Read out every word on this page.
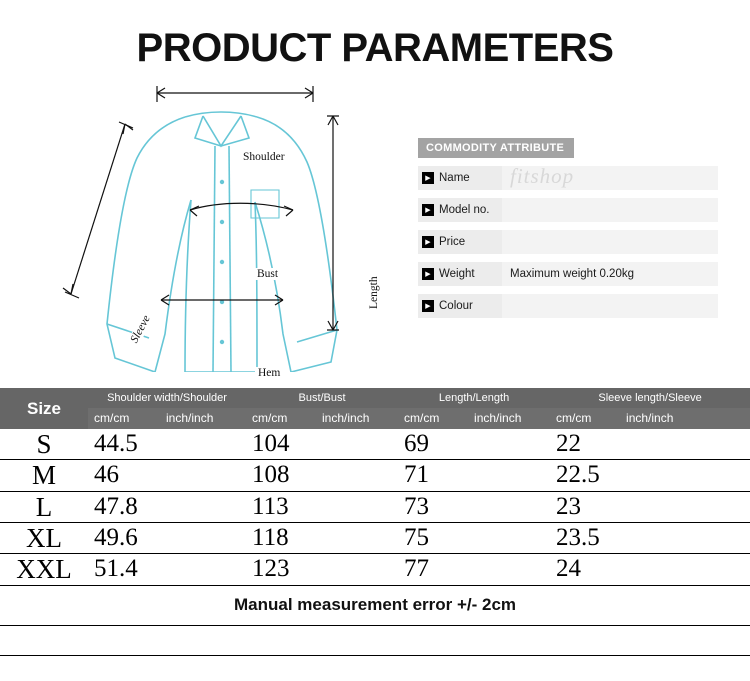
PRODUCT PARAMETERS
Shoulder
Bust
Hem
Length
Sleeve
COMMODITY ATTRIBUTE
▶ Name fitshop
▶ Model no.
▶ Price
▶ Weight	Maximum weight 0.20kg
▶ Colour
Size	Shoulder width/Shoulder		Bust/Bust		Length/Length		Sleeve length/Sleeve	
	cm/cm	inch/inch	cm/cm	inch/inch	cm/cm	inch/inch	cm/cm	inch/inch
S	44.5		104		69		22	
M	46		108		71		22.5	
L	47.8		113		73		23	
XL	49.6		118		75		23.5	
XXL	51.4		123		77		24	
Manual measurement error +/- 2cm								
